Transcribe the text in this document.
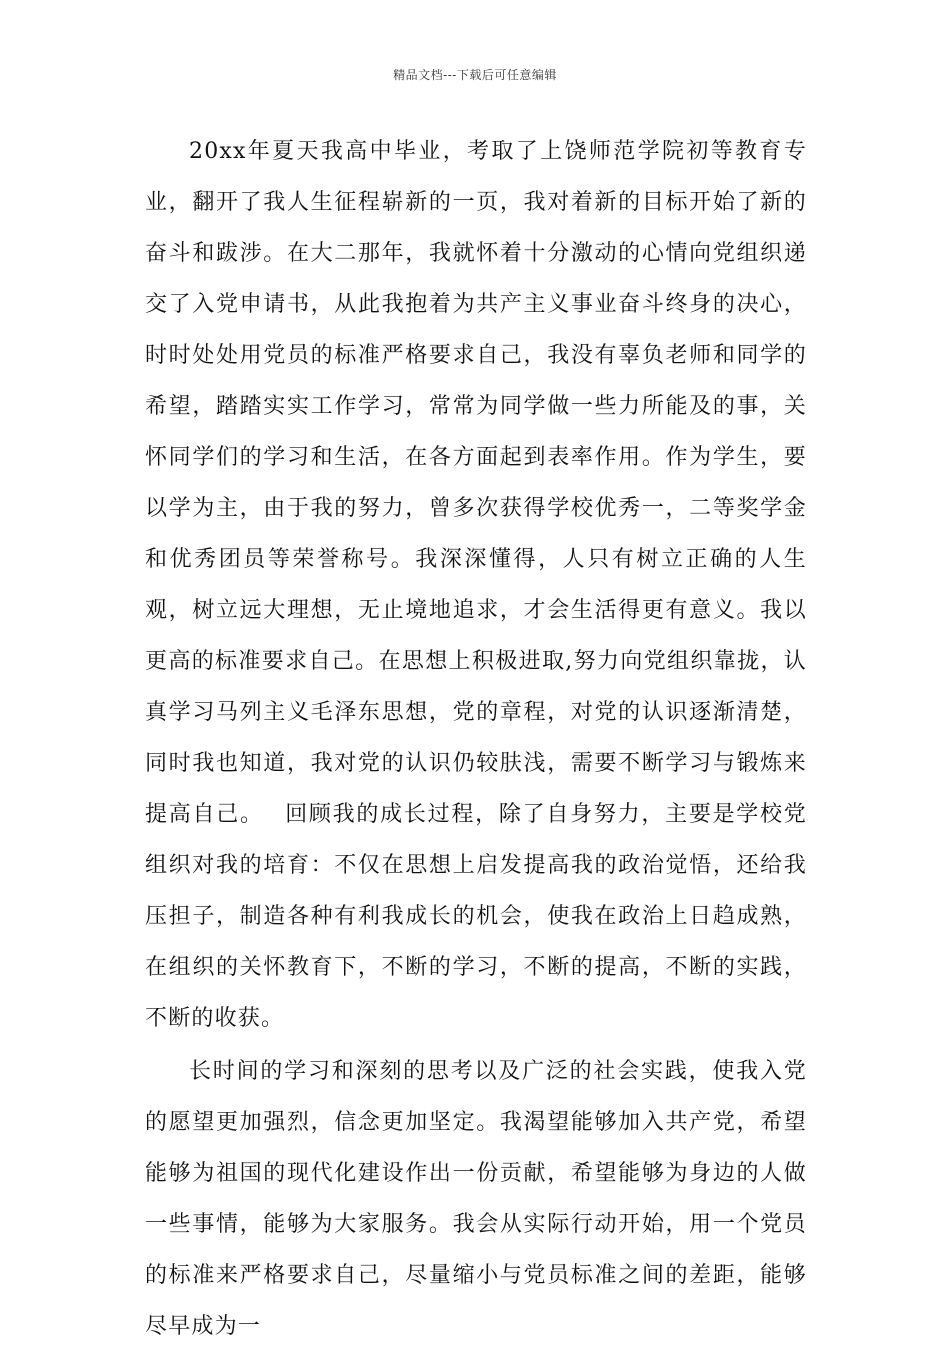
精品文档---下载后可任意编辑

20xx年夏天我高中毕业，考取了上饶师范学院初等教育专业，翻开了我人生征程崭新的一页，我对着新的目标开始了新的奋斗和跋涉。在大二那年，我就怀着十分激动的心情向党组织递交了入党申请书，从此我抱着为共产主义事业奋斗终身的决心，时时处处用党员的标准严格要求自己，我没有辜负老师和同学的希望，踏踏实实工作学习，常常为同学做一些力所能及的事，关怀同学们的学习和生活，在各方面起到表率作用。作为学生，要以学为主，由于我的努力，曾多次获得学校优秀一，二等奖学金和优秀团员等荣誉称号。我深深懂得，人只有树立正确的人生观，树立远大理想，无止境地追求，才会生活得更有意义。我以更高的标准要求自己。在思想上积极进取,努力向党组织靠拢，认真学习马列主义毛泽东思想，党的章程，对党的认识逐渐清楚，同时我也知道，我对党的认识仍较肤浅，需要不断学习与锻炼来提高自己。　 回顾我的成长过程，除了自身努力，主要是学校党组织对我的培育：不仅在思想上启发提高我的政治觉悟，还给我压担子，制造各种有利我成长的机会，使我在政治上日趋成熟，在组织的关怀教育下，不断的学习，不断的提高，不断的实践，不断的收获。

长时间的学习和深刻的思考以及广泛的社会实践，使我入党的愿望更加强烈，信念更加坚定。我渴望能够加入共产党，希望能够为祖国的现代化建设作出一份贡献，希望能够为身边的人做一些事情，能够为大家服务。我会从实际行动开始，用一个党员的标准来严格要求自己，尽量缩小与党员标准之间的差距，能够尽早成为一
